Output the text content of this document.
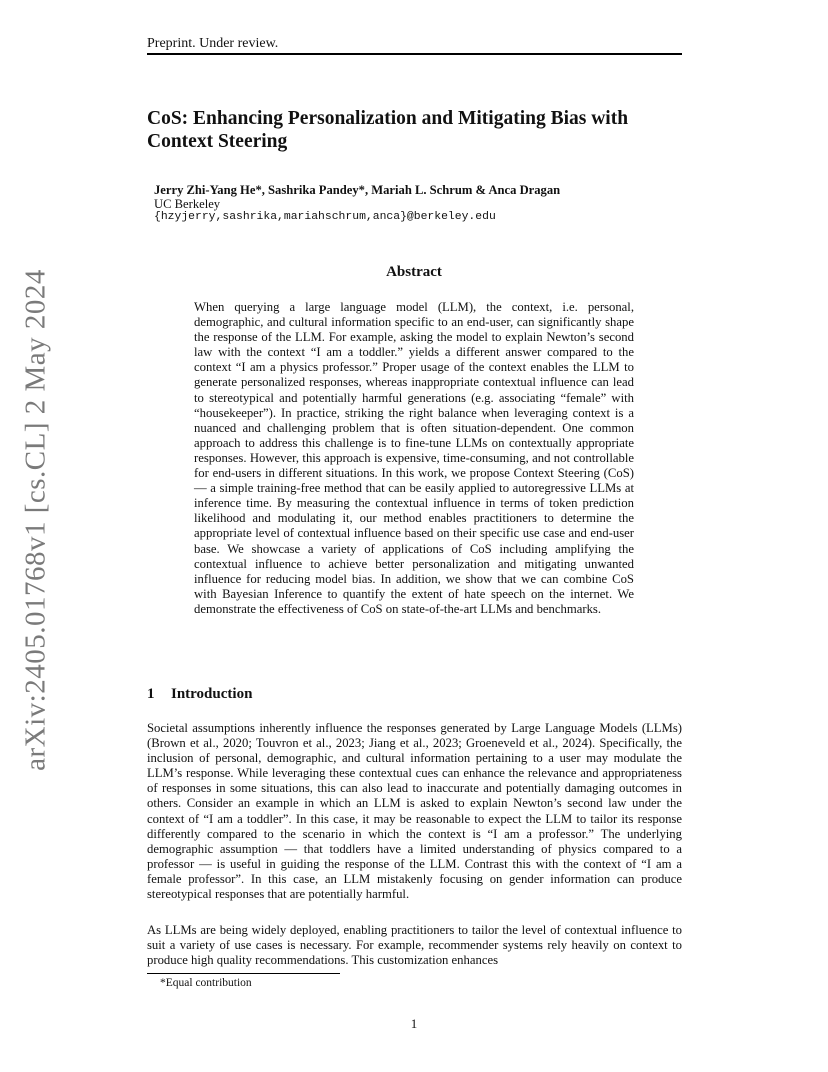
Preprint. Under review.
CoS: Enhancing Personalization and Mitigating Bias with Context Steering
Jerry Zhi-Yang He*, Sashrika Pandey*, Mariah L. Schrum & Anca Dragan
UC Berkeley
{hzyjerry,sashrika,mariahschrum,anca}@berkeley.edu
Abstract
When querying a large language model (LLM), the context, i.e. personal, demographic, and cultural information specific to an end-user, can significantly shape the response of the LLM. For example, asking the model to explain Newton’s second law with the context “I am a toddler.” yields a different answer compared to the context “I am a physics professor.” Proper usage of the context enables the LLM to generate personalized responses, whereas inappropriate contextual influence can lead to stereotypical and potentially harmful generations (e.g. associating “female” with “housekeeper”). In practice, striking the right balance when leveraging context is a nuanced and challenging problem that is often situation-dependent. One common approach to address this challenge is to fine-tune LLMs on contextually appropriate responses. However, this approach is expensive, time-consuming, and not controllable for end-users in different situations. In this work, we propose Context Steering (CoS) — a simple training-free method that can be easily applied to autoregressive LLMs at inference time. By measuring the contextual influence in terms of token prediction likelihood and modulating it, our method enables practitioners to determine the appropriate level of contextual influence based on their specific use case and end-user base. We showcase a variety of applications of CoS including amplifying the contextual influence to achieve better personalization and mitigating unwanted influence for reducing model bias. In addition, we show that we can combine CoS with Bayesian Inference to quantify the extent of hate speech on the internet. We demonstrate the effectiveness of CoS on state-of-the-art LLMs and benchmarks.
1 Introduction
Societal assumptions inherently influence the responses generated by Large Language Models (LLMs) (Brown et al., 2020; Touvron et al., 2023; Jiang et al., 2023; Groeneveld et al., 2024). Specifically, the inclusion of personal, demographic, and cultural information pertaining to a user may modulate the LLM’s response. While leveraging these contextual cues can enhance the relevance and appropriateness of responses in some situations, this can also lead to inaccurate and potentially damaging outcomes in others. Consider an example in which an LLM is asked to explain Newton’s second law under the context of “I am a toddler”. In this case, it may be reasonable to expect the LLM to tailor its response differently compared to the scenario in which the context is “I am a professor.” The underlying demographic assumption — that toddlers have a limited understanding of physics compared to a professor — is useful in guiding the response of the LLM. Contrast this with the context of “I am a female professor”. In this case, an LLM mistakenly focusing on gender information can produce stereotypical responses that are potentially harmful.
As LLMs are being widely deployed, enabling practitioners to tailor the level of contextual influence to suit a variety of use cases is necessary. For example, recommender systems rely heavily on context to produce high quality recommendations. This customization enhances
*Equal contribution
1
arXiv:2405.01768v1 [cs.CL] 2 May 2024
